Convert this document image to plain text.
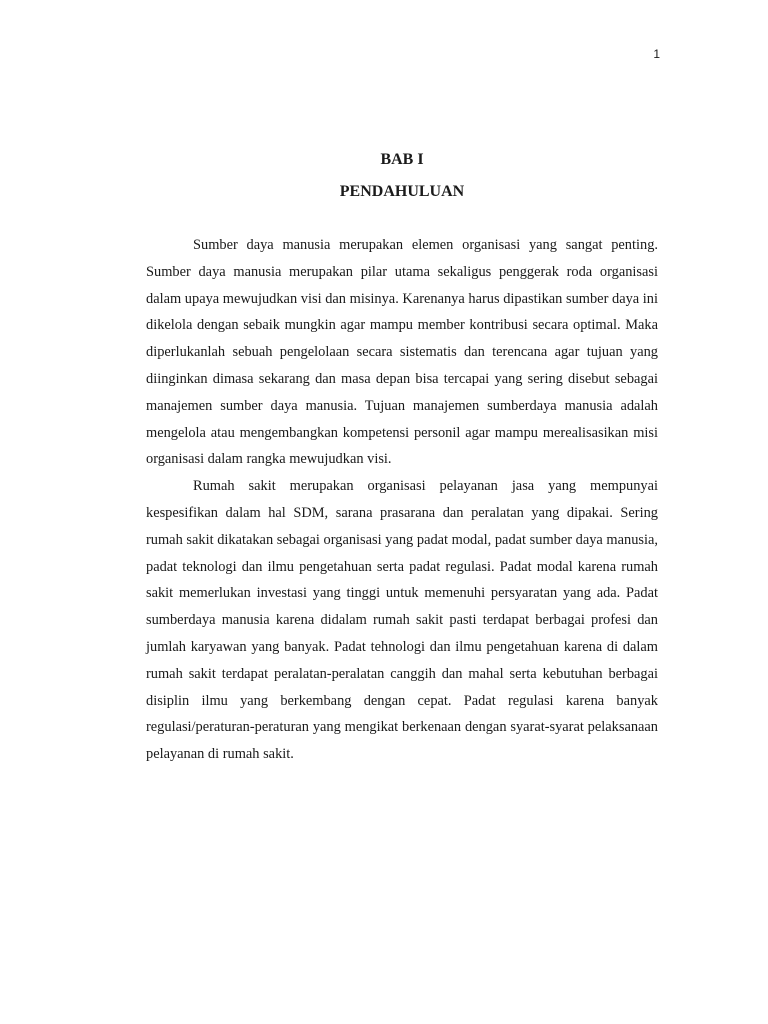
1
BAB I
PENDAHULUAN

Sumber daya manusia merupakan elemen organisasi yang sangat penting. Sumber daya manusia merupakan pilar utama sekaligus penggerak roda organisasi dalam upaya mewujudkan visi dan misinya. Karenanya harus dipastikan sumber daya ini dikelola dengan sebaik mungkin agar mampu member kontribusi secara optimal. Maka diperlukanlah sebuah pengelolaan secara sistematis dan terencana agar tujuan yang diinginkan dimasa sekarang dan masa depan bisa tercapai yang sering disebut sebagai manajemen sumber daya manusia. Tujuan manajemen sumberdaya manusia adalah mengelola atau mengembangkan kompetensi personil agar mampu merealisasikan misi organisasi dalam rangka mewujudkan visi.

Rumah sakit merupakan organisasi pelayanan jasa yang mempunyai kespesifikan dalam hal SDM, sarana prasarana dan peralatan yang dipakai. Sering rumah sakit dikatakan sebagai organisasi yang padat modal, padat sumber daya manusia, padat teknologi dan ilmu pengetahuan serta padat regulasi. Padat modal karena rumah sakit memerlukan investasi yang tinggi untuk memenuhi persyaratan yang ada. Padat sumberdaya manusia karena didalam rumah sakit pasti terdapat berbagai profesi dan jumlah karyawan yang banyak. Padat tehnologi dan ilmu pengetahuan karena di dalam rumah sakit terdapat peralatan-peralatan canggih dan mahal serta kebutuhan berbagai disiplin ilmu yang berkembang dengan cepat. Padat regulasi karena banyak regulasi/peraturan-peraturan yang mengikat berkenaan dengan syarat-syarat pelaksanaan pelayanan di rumah sakit.
